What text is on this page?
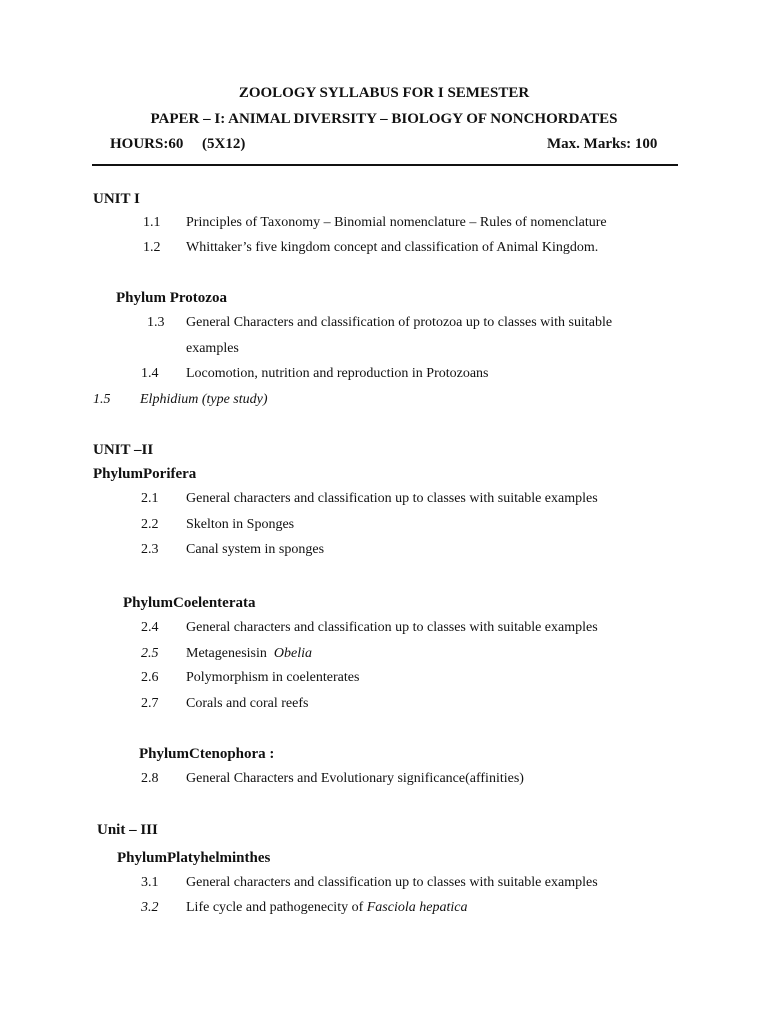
ZOOLOGY SYLLABUS FOR I SEMESTER
PAPER – I: ANIMAL DIVERSITY – BIOLOGY OF NONCHORDATES
HOURS:60 (5X12)	Max. Marks: 100
UNIT I
1.1 Principles of Taxonomy – Binomial nomenclature – Rules of nomenclature
1.2 Whittaker’s five kingdom concept and classification of Animal Kingdom.
Phylum Protozoa
1.3 General Characters and classification of protozoa up to classes with suitable
examples
1.4 Locomotion, nutrition and reproduction in Protozoans
1.5 Elphidium (type study)
UNIT –II
PhylumPorifera
2.1 General characters and classification up to classes with suitable examples
2.2 Skelton in Sponges
2.3 Canal system in sponges
PhylumCoelenterata
2.4 General characters and classification up to classes with suitable examples
2.5 Metagenesisin Obelia
2.6 Polymorphism in coelenterates
2.7 Corals and coral reefs
PhylumCtenophora :
2.8 General Characters and Evolutionary significance(affinities)
Unit – III
PhylumPlatyhelminthes
3.1 General characters and classification up to classes with suitable examples
3.2 Life cycle and pathogenecity of Fasciola hepatica
